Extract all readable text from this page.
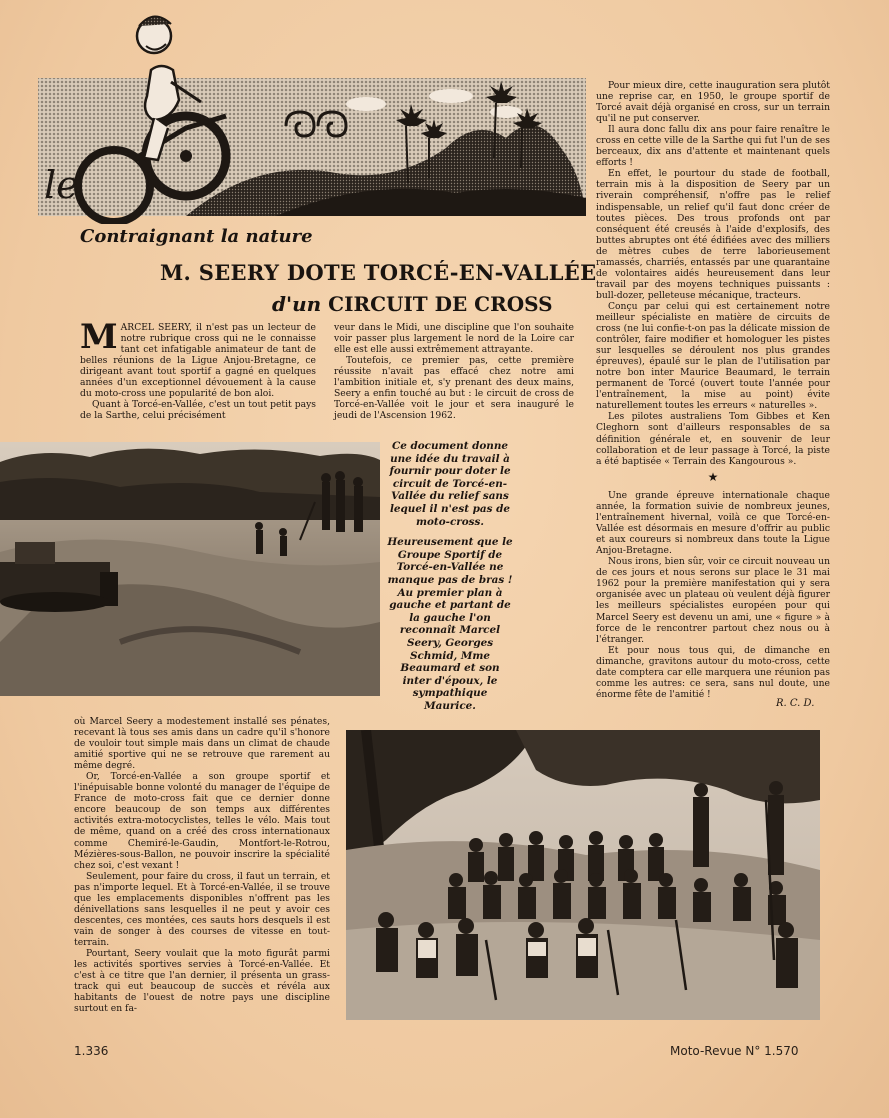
le
Contraignant la nature
M. SEERY DOTE TORCÉ-EN-VALLÉE
d'un CIRCUIT DE CROSS
M ARCEL SEERY, il n'est pas un lecteur de notre rubrique cross qui ne le connaisse tant cet infatigable animateur de tant de belles réunions de la Ligue Anjou-Bretagne, ce dirigeant avant tout sportif a gagné en quelques années d'un exceptionnel dévouement à la cause du moto-cross une popularité de bon aloi.

Quant à Torcé-en-Vallée, c'est un tout petit pays de la Sarthe, celui précisément

veur dans le Midi, une discipline que l'on souhaite voir passer plus largement le nord de la Loire car elle est elle aussi extrêmement attrayante.

Toutefois, ce premier pas, cette première réussite n'avait pas effacé chez notre ami l'ambition initiale et, s'y prenant des deux mains, Seery a enfin touché au but : le circuit de cross de Torcé-en-Vallée voit le jour et sera inauguré le jeudi de l'Ascension 1962.

Pour mieux dire, cette inauguration sera plutôt une reprise car, en 1950, le groupe sportif de Torcé avait déjà organisé en cross, sur un terrain qu'il ne put conserver.

Il aura donc fallu dix ans pour faire renaître le cross en cette ville de la Sarthe qui fut l'un de ses berceaux, dix ans d'attente et maintenant quels efforts !

En effet, le pourtour du stade de football, terrain mis à la disposition de Seery par un riverain compréhensif, n'offre pas le relief indispensable, un relief qu'il faut donc créer de toutes pièces. Des trous profonds ont par conséquent été creusés à l'aide d'explosifs, des buttes abruptes ont été édifiées avec des milliers de mètres cubes de terre laborieusement ramassés, charriés, entassés par une quarantaine de volontaires aidés heureusement dans leur travail par des moyens techniques puissants : bull-dozer, pelleteuse mécanique, tracteurs.

Conçu par celui qui est certainement notre meilleur spécialiste en matière de circuits de cross (ne lui confie-t-on pas la délicate mission de contrôler, faire modifier et homologuer les pistes sur lesquelles se déroulent nos plus grandes épreuves), épaulé sur le plan de l'utilisation par notre bon inter Maurice Beaumard, le terrain permanent de Torcé (ouvert toute l'année pour l'entraînement, la mise au point) évite naturellement toutes les erreurs « naturelles ».

Les pilotes australiens Tom Gibbes et Ken Cleghorn sont d'ailleurs responsables de sa définition générale et, en souvenir de leur collaboration et de leur passage à Torcé, la piste a été baptisée « Terrain des Kangourous ».

★

Une grande épreuve internationale chaque année, la formation suivie de nombreux jeunes, l'entraînement hivernal, voilà ce que Torcé-en-Vallée est désormais en mesure d'offrir au public et aux coureurs si nombreux dans toute la Ligue Anjou-Bretagne.

Nous irons, bien sûr, voir ce circuit nouveau un de ces jours et nous serons sur place le 31 mai 1962 pour la première manifestation qui y sera organisée avec un plateau où veulent déjà figurer les meilleurs spécialistes européen pour qui Marcel Seery est devenu un ami, une « figure » à force de le rencontrer partout chez nous ou à l'étranger.

Et pour nous tous qui, de dimanche en dimanche, gravitons autour du moto-cross, cette date comptera car elle marquera une réunion pas comme les autres: ce sera, sans nul doute, une énorme fête de l'amitié !

R. C. D.

Ce document donne une idée du travail à fournir pour doter le circuit de Torcé-en-Vallée du relief sans lequel il n'est pas de moto-cross.

Heureusement que le Groupe Sportif de Torcé-en-Vallée ne manque pas de bras ! Au premier plan à gauche et partant de la gauche l'on reconnaît Marcel Seery, Georges Schmid, Mme Beaumard et son inter d'époux, le sympathique Maurice.

où Marcel Seery a modestement installé ses pénates, recevant là tous ses amis dans un cadre qu'il s'honore de vouloir tout simple mais dans un climat de chaude amitié sportive qui ne se retrouve que rarement au même degré.

Or, Torcé-en-Vallée a son groupe sportif et l'inépuisable bonne volonté du manager de l'équipe de France de moto-cross fait que ce dernier donne encore beaucoup de son temps aux différentes activités extra-motocyclistes, telles le vélo. Mais tout de même, quand on a créé des cross internationaux comme Chemiré-le-Gaudin, Montfort-le-Rotrou, Mézières-sous-Ballon, ne pouvoir inscrire la spécialité chez soi, c'est vexant !

Seulement, pour faire du cross, il faut un terrain, et pas n'importe lequel. Et à Torcé-en-Vallée, il se trouve que les emplacements disponibles n'offrent pas les dénivellations sans lesquelles il ne peut y avoir ces descentes, ces montées, ces sauts hors desquels il est vain de songer à des courses de vitesse en tout-terrain.

Pourtant, Seery voulait que la moto figurât parmi les activités sportives servies à Torcé-en-Vallée. Et c'est à ce titre que l'an dernier, il présenta un grass-track qui eut beaucoup de succès et révéla aux habitants de l'ouest de notre pays une discipline surtout en fa-

1.336	Moto-Revue N° 1.570
